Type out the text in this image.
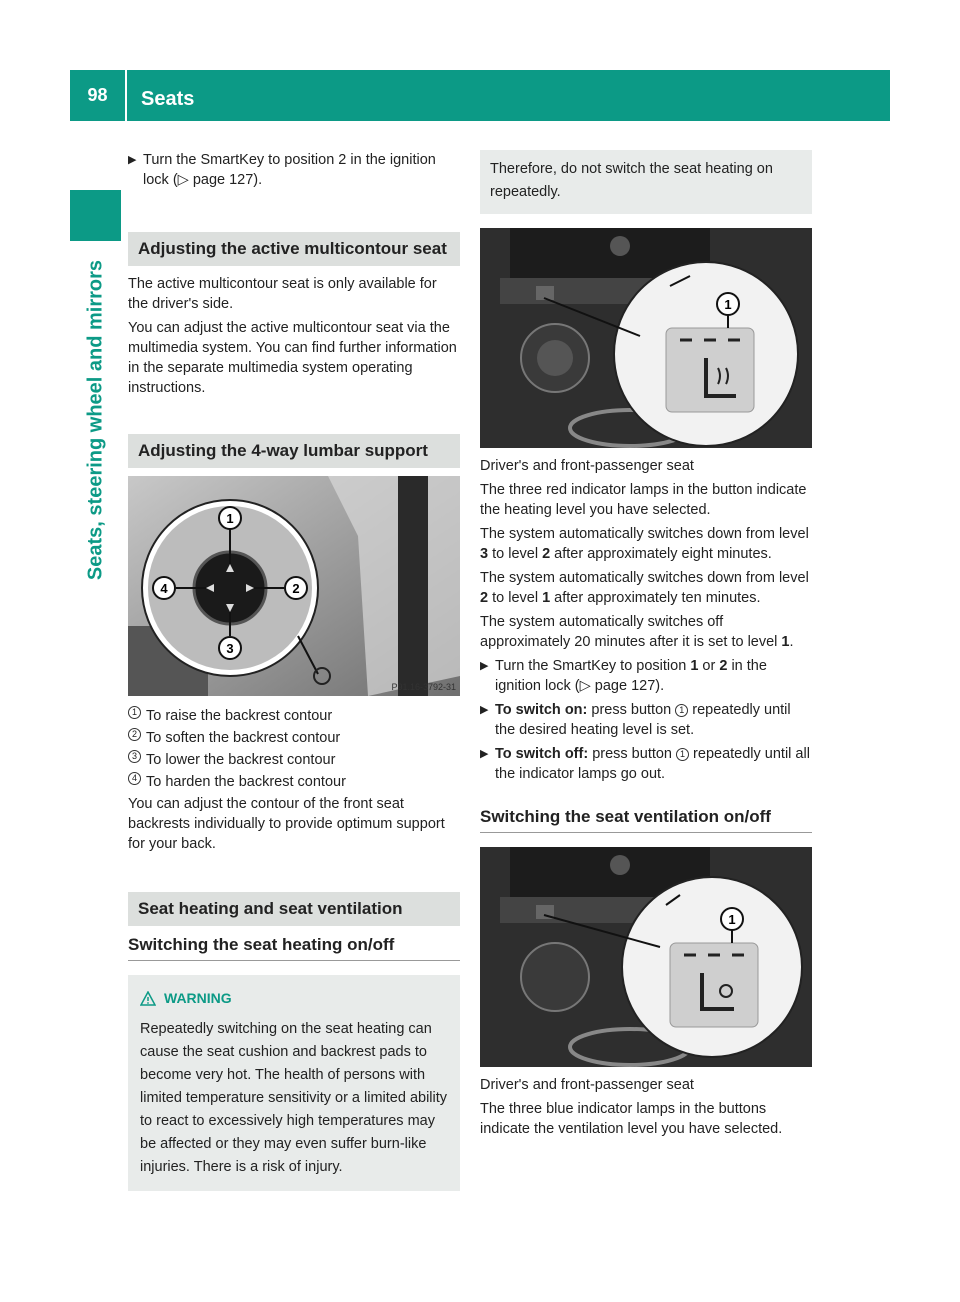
98	Seats
Seats, steering wheel and mirrors
▶ Turn the SmartKey to position 2 in the ignition lock (▷ page 127).
Adjusting the active multicontour seat

The active multicontour seat is only available for the driver's side.

You can adjust the active multicontour seat via the multimedia system. You can find further information in the separate multimedia system operating instructions.

Adjusting the 4-way lumbar support
1
2
3
4
P91.16-3792-31
1 To raise the backrest contour
2 To soften the backrest contour
3 To lower the backrest contour
4 To harden the backrest contour

You can adjust the contour of the front seat backrests individually to provide optimum support for your back.

Seat heating and seat ventilation
Switching the seat heating on/off
WARNING
Repeatedly switching on the seat heating can cause the seat cushion and backrest pads to become very hot. The health of persons with limited temperature sensitivity or a limited ability to react to excessively high temperatures may be affected or they may even suffer burn-like injuries. There is a risk of injury.
Therefore, do not switch the seat heating on repeatedly.
1

Driver's and front-passenger seat

The three red indicator lamps in the button indicate the heating level you have selected.

The system automatically switches down from level 3 to level 2 after approximately eight minutes.

The system automatically switches down from level 2 to level 1 after approximately ten minutes.

The system automatically switches off approximately 20 minutes after it is set to level 1.

▶ Turn the SmartKey to position 1 or 2 in the ignition lock (▷ page 127).
▶ To switch on: press button 1 repeatedly until the desired heating level is set.
▶ To switch off: press button 1 repeatedly until all the indicator lamps go out.
Switching the seat ventilation on/off
1

Driver's and front-passenger seat

The three blue indicator lamps in the buttons indicate the ventilation level you have selected.
